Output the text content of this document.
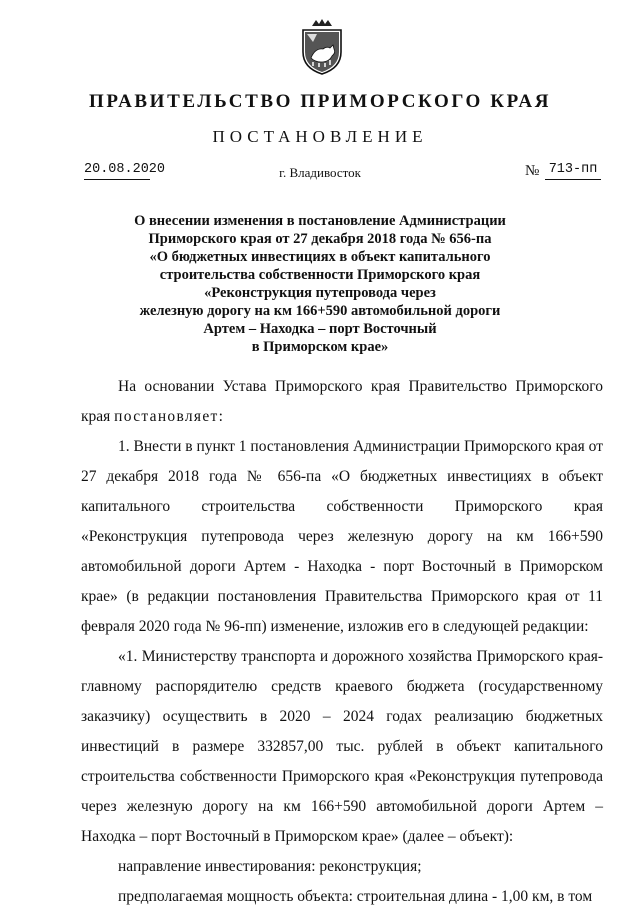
ПРАВИТЕЛЬСТВО ПРИМОРСКОГО КРАЯ
ПОСТАНОВЛЕНИЕ
20.08.2020	г. Владивосток	№ 713-пп
О внесении изменения в постановление Администрации
Приморского края от 27 декабря 2018 года № 656-па
«О бюджетных инвестициях в объект капитального
строительства собственности Приморского края
«Реконструкция путепровода через
железную дорогу на км 166+590 автомобильной дороги
Артем – Находка – порт Восточный
в Приморском крае»

На основании Устава Приморского края Правительство Приморского края постановляет:

1. Внести в пункт 1 постановления Администрации Приморского края от 27 декабря 2018 года № 656-па «О бюджетных инвестициях в объект капитального строительства собственности Приморского края «Реконструкция путепровода через железную дорогу на км 166+590 автомобильной дороги Артем - Находка - порт Восточный в Приморском крае» (в редакции постановления Правительства Приморского края от 11 февраля 2020 года № 96-пп) изменение, изложив его в следующей редакции:

«1. Министерству транспорта и дорожного хозяйства Приморского края-главному распорядителю средств краевого бюджета (государственному заказчику) осуществить в 2020 – 2024 годах реализацию бюджетных инвестиций в размере 332857,00 тыс. рублей в объект капитального строительства собственности Приморского края «Реконструкция путепровода через железную дорогу на км 166+590 автомобильной дороги Артем – Находка – порт Восточный в Приморском крае» (далее – объект):

направление инвестирования: реконструкция;

предполагаемая мощность объекта: строительная длина - 1,00 км, в том
